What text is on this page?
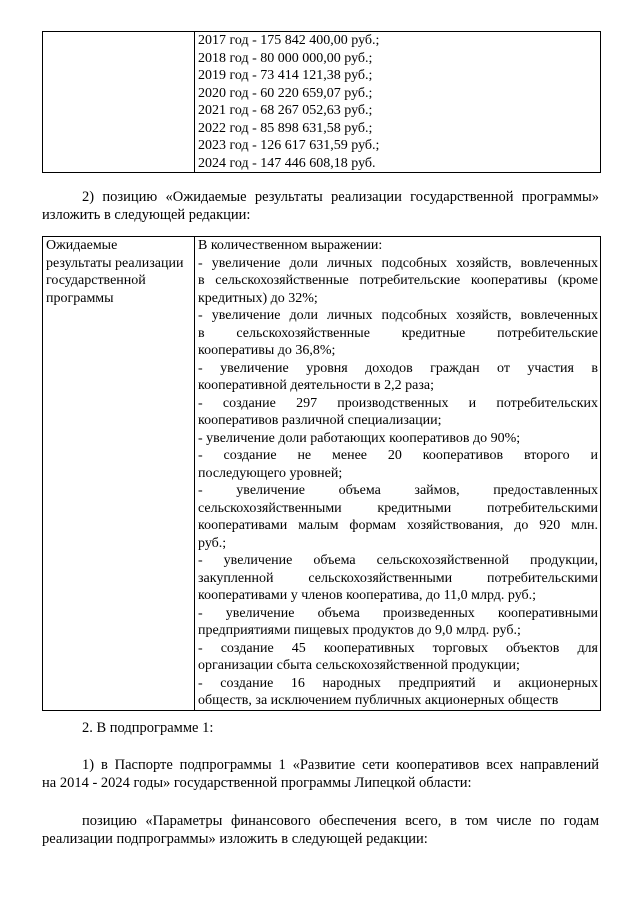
2017 год - 175 842 400,00 руб.;
2018 год - 80 000 000,00 руб.;
2019 год - 73 414 121,38 руб.;
2020 год - 60 220 659,07 руб.;
2021 год - 68 267 052,63 руб.;
2022 год - 85 898 631,58 руб.;
2023 год - 126 617 631,59 руб.;
2024 год - 147 446 608,18 руб.
2) позицию «Ожидаемые результаты реализации государственной программы»
изложить в следующей редакции:
Ожидаемые
результаты реализации
государственной
программы

В количественном выражении:
- увеличение доли личных подсобных хозяйств, вовлеченных
в сельскохозяйственные потребительские кооперативы (кроме
кредитных) до 32%;
- увеличение доли личных подсобных хозяйств, вовлеченных
в сельскохозяйственные кредитные потребительские
кооперативы до 36,8%;
- увеличение уровня доходов граждан от участия в
кооперативной деятельности в 2,2 раза;
- создание 297 производственных и потребительских
кооперативов различной специализации;
- увеличение доли работающих кооперативов до 90%;
- создание не менее 20 кооперативов второго и
последующего уровней;
- увеличение объема займов, предоставленных
сельскохозяйственными кредитными потребительскими
кооперативами малым формам хозяйствования, до 920 млн.
руб.;
- увеличение объема сельскохозяйственной продукции,
закупленной сельскохозяйственными потребительскими
кооперативами у членов кооператива, до 11,0 млрд. руб.;
- увеличение объема произведенных кооперативными
предприятиями пищевых продуктов до 9,0 млрд. руб.;
- создание 45 кооперативных торговых объектов для
организации сбыта сельскохозяйственной продукции;
- создание 16 народных предприятий и акционерных
обществ, за исключением публичных акционерных обществ
2. В подпрограмме 1:
1) в Паспорте подпрограммы 1 «Развитие сети кооперативов всех направлений
на 2014 - 2024 годы» государственной программы Липецкой области:
позицию «Параметры финансового обеспечения всего, в том числе по годам
реализации подпрограммы» изложить в следующей редакции:
